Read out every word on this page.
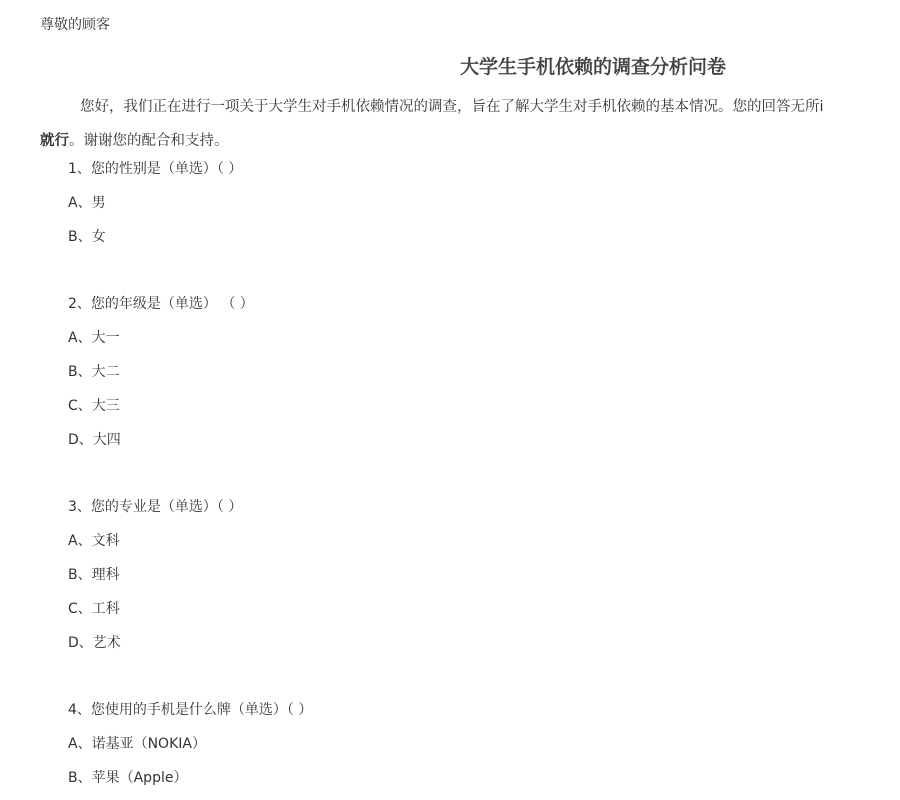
尊敬的顾客
大学生手机依赖的调查分析问卷
您好，我们正在进行一项关于大学生对手机依赖情况的调查，旨在了解大学生对手机依赖的基本情况。您的回答无所i
就行。谢谢您的配合和支持。
1、您的性别是（单选）（ ）
A、男
B、女
2、您的年级是（单选） （ ）
A、大一
B、大二
C、大三
D、大四
3、您的专业是（单选）（ ）
A、文科
B、理科
C、工科
D、艺术
4、您使用的手机是什么牌（单选）（ ）
A、诺基亚（NOKIA）
B、苹果（Apple）
